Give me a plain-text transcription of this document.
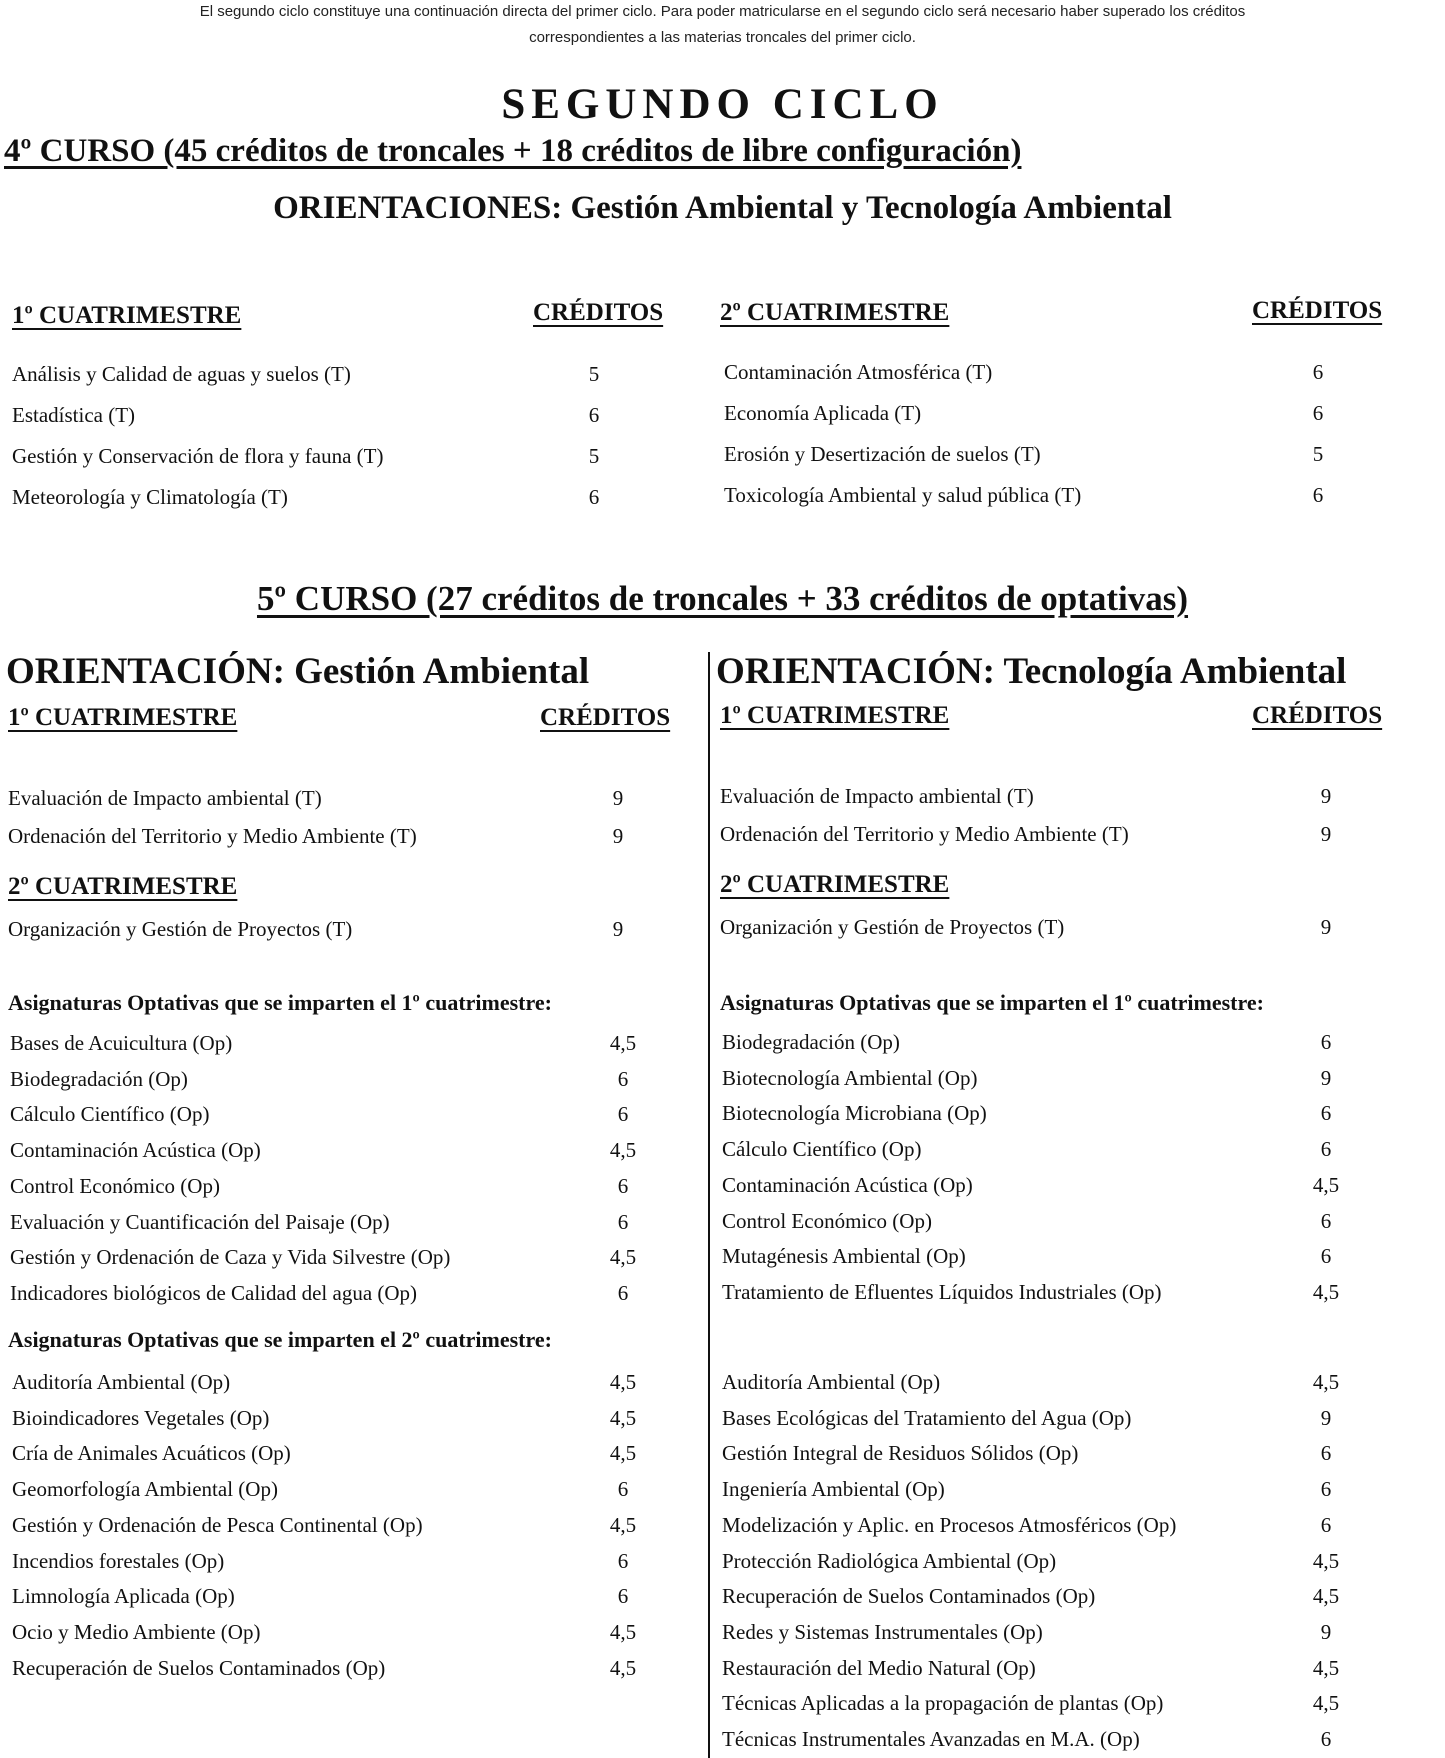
El segundo ciclo constituye una continuación directa del primer ciclo. Para poder matricularse en el segundo ciclo será necesario haber superado los créditos
correspondientes a las materias troncales del primer ciclo.
SEGUNDO CICLO
4º CURSO (45 créditos de troncales + 18 créditos de libre configuración)
ORIENTACIONES: Gestión Ambiental y Tecnología Ambiental
1º CUATRIMESTRE	CRÉDITOS 2º CUATRIMESTRE	CRÉDITOS
Análisis y Calidad de aguas y suelos (T)	5
Estadística (T)	6
Gestión y Conservación de flora y fauna (T)	5
Meteorología y Climatología (T)	6
Contaminación Atmosférica (T)	6
Economía Aplicada (T)	6
Erosión y Desertización de suelos (T)	5
Toxicología Ambiental y salud pública (T)	6
5º CURSO (27 créditos de troncales + 33 créditos de optativas)
ORIENTACIÓN: Gestión Ambiental
1º CUATRIMESTRE	CRÉDITOS
2º CUATRIMESTRE
Asignaturas Optativas que se imparten el 1º cuatrimestre:
Asignaturas Optativas que se imparten el 2º cuatrimestre:
Evaluación de Impacto ambiental (T)	9
Ordenación del Territorio y Medio Ambiente (T)	9
Organización y Gestión de Proyectos (T)	9
Bases de Acuicultura (Op)	4,5
Biodegradación (Op)	6
Cálculo Científico (Op)	6
Contaminación Acústica (Op)	4,5
Control Económico (Op)	6
Evaluación y Cuantificación del Paisaje (Op)	6
Gestión y Ordenación de Caza y Vida Silvestre (Op)	4,5
Indicadores biológicos de Calidad del agua (Op)	6
Auditoría Ambiental (Op)	4,5
Bioindicadores Vegetales (Op)	4,5
Cría de Animales Acuáticos (Op)	4,5
Geomorfología Ambiental (Op)	6
Gestión y Ordenación de Pesca Continental (Op)	4,5
Incendios forestales (Op)	6
Limnología Aplicada (Op)	6
Ocio y Medio Ambiente (Op)	4,5
Recuperación de Suelos Contaminados (Op)	4,5
ORIENTACIÓN: Tecnología Ambiental
1º CUATRIMESTRE	CRÉDITOS
2º CUATRIMESTRE
Asignaturas Optativas que se imparten el 1º cuatrimestre:
Evaluación de Impacto ambiental (T)	9
Ordenación del Territorio y Medio Ambiente (T)	9
Organización y Gestión de Proyectos (T)	9
Biodegradación (Op)	6
Biotecnología Ambiental (Op)	9
Biotecnología Microbiana (Op)	6
Cálculo Científico (Op)	6
Contaminación Acústica (Op)	4,5
Control Económico (Op)	6
Mutagénesis Ambiental (Op)	6
Tratamiento de Efluentes Líquidos Industriales (Op)	4,5
Auditoría Ambiental (Op)	4,5
Bases Ecológicas del Tratamiento del Agua (Op)	9
Gestión Integral de Residuos Sólidos (Op)	6
Ingeniería Ambiental (Op)	6
Modelización y Aplic. en Procesos Atmosféricos (Op)	6
Protección Radiológica Ambiental (Op)	4,5
Recuperación de Suelos Contaminados (Op)	4,5
Redes y Sistemas Instrumentales (Op)	9
Restauración del Medio Natural (Op)	4,5
Técnicas Aplicadas a la propagación de plantas (Op)	4,5
Técnicas Instrumentales Avanzadas en M.A. (Op)	6
